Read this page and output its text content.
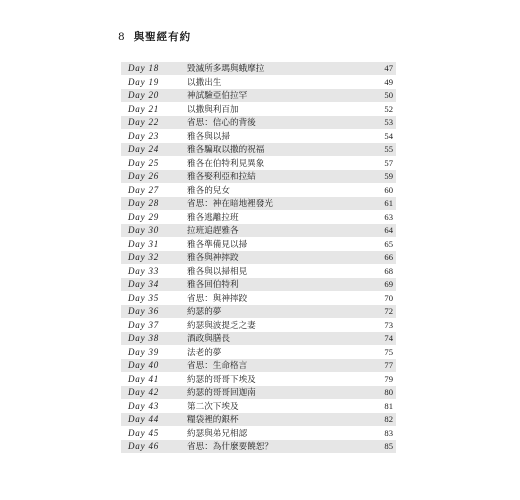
8 與聖經有約
Day 18	毀滅所多瑪與蛾摩拉	47
Day 19	以撒出生	49
Day 20	神試驗亞伯拉罕	50
Day 21	以撒與利百加	52
Day 22	省思：信心的背後	53
Day 23	雅各與以掃	54
Day 24	雅各騙取以撒的祝福	55
Day 25	雅各在伯特利見異象	57
Day 26	雅各娶利亞和拉結	59
Day 27	雅各的兒女	60
Day 28	省思：神在暗地裡發光	61
Day 29	雅各逃離拉班	63
Day 30	拉班追趕雅各	64
Day 31	雅各準備見以掃	65
Day 32	雅各與神摔跤	66
Day 33	雅各與以掃相見	68
Day 34	雅各回伯特利	69
Day 35	省思：與神摔跤	70
Day 36	約瑟的夢	72
Day 37	約瑟與波提乏之妻	73
Day 38	酒政與膳長	74
Day 39	法老的夢	75
Day 40	省思：生命格言	77
Day 41	約瑟的哥哥下埃及	79
Day 42	約瑟的哥哥回迦南	80
Day 43	第二次下埃及	81
Day 44	糧袋裡的銀杯	82
Day 45	約瑟與弟兄相認	83
Day 46	省思：為什麼要饒恕？	85
